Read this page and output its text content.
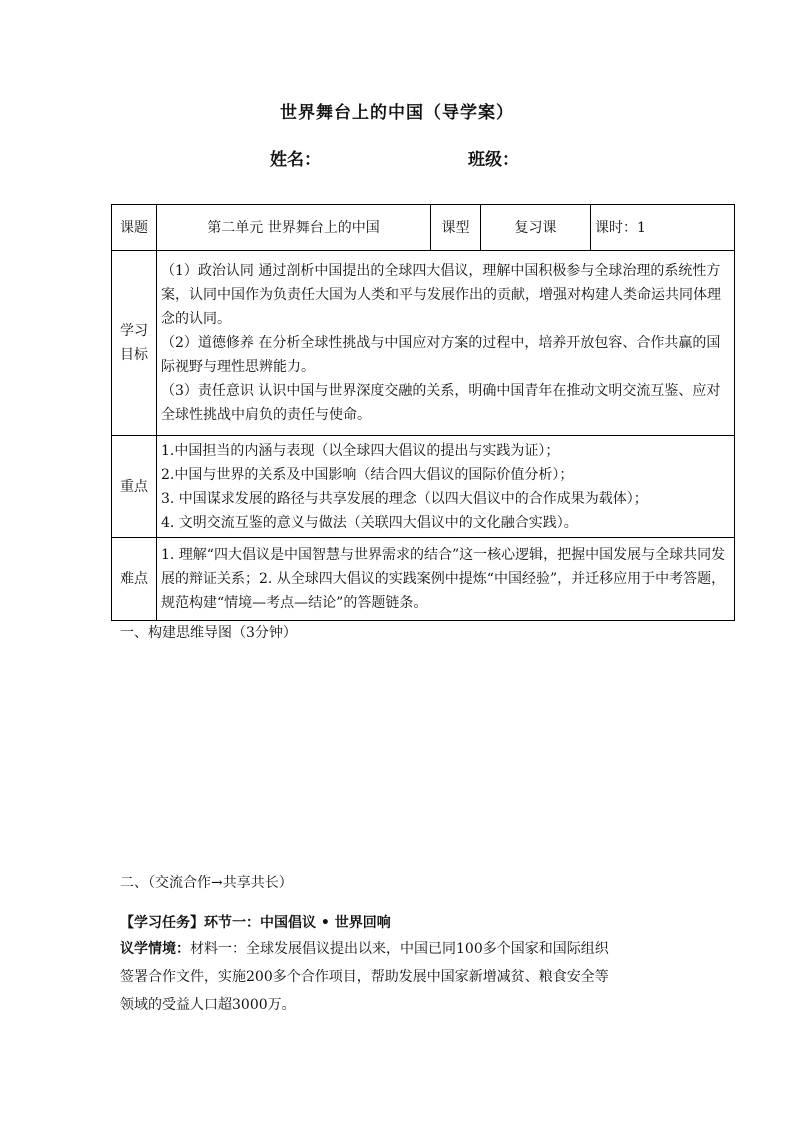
世界舞台上的中国（导学案）
姓名：	班级：
课题	第二单元 世界舞台上的中国	课型	复习课	课时：1
学习目标	（1）政治认同 通过剖析中国提出的全球四大倡议，理解中国积极参与全球治理的系统性方案，认同中国作为负责任大国为人类和平与发展作出的贡献，增强对构建人类命运共同体理念的认同。
（2）道德修养 在分析全球性挑战与中国应对方案的过程中，培养开放包容、合作共赢的国际视野与理性思辨能力。
（3）责任意识 认识中国与世界深度交融的关系，明确中国青年在推动文明交流互鉴、应对全球性挑战中肩负的责任与使命。			

重点	1.中国担当的内涵与表现（以全球四大倡议的提出与实践为证）；
2.中国与世界的关系及中国影响（结合四大倡议的国际价值分析）；
3. 中国谋求发展的路径与共享发展的理念（以四大倡议中的合作成果为载体）；
4. 文明交流互鉴的意义与做法（关联四大倡议中的文化融合实践）。			

难点	1. 理解“四大倡议是中国智慧与世界需求的结合”这一核心逻辑，把握中国发展与全球共同发展的辩证关系；2. 从全球四大倡议的实践案例中提炼“中国经验”，并迁移应用于中考答题，规范构建“情境—考点—结论”的答题链条。			
一、构建思维导图（3分钟）
二、（交流合作→共享共长）
【学习任务】环节一：中国倡议 • 世界回响
议学情境：材料一：全球发展倡议提出以来，中国已同100多个国家和国际组织
签署合作文件，实施200多个合作项目，帮助发展中国家新增减贫、粮食安全等
领域的受益人口超3000万。
